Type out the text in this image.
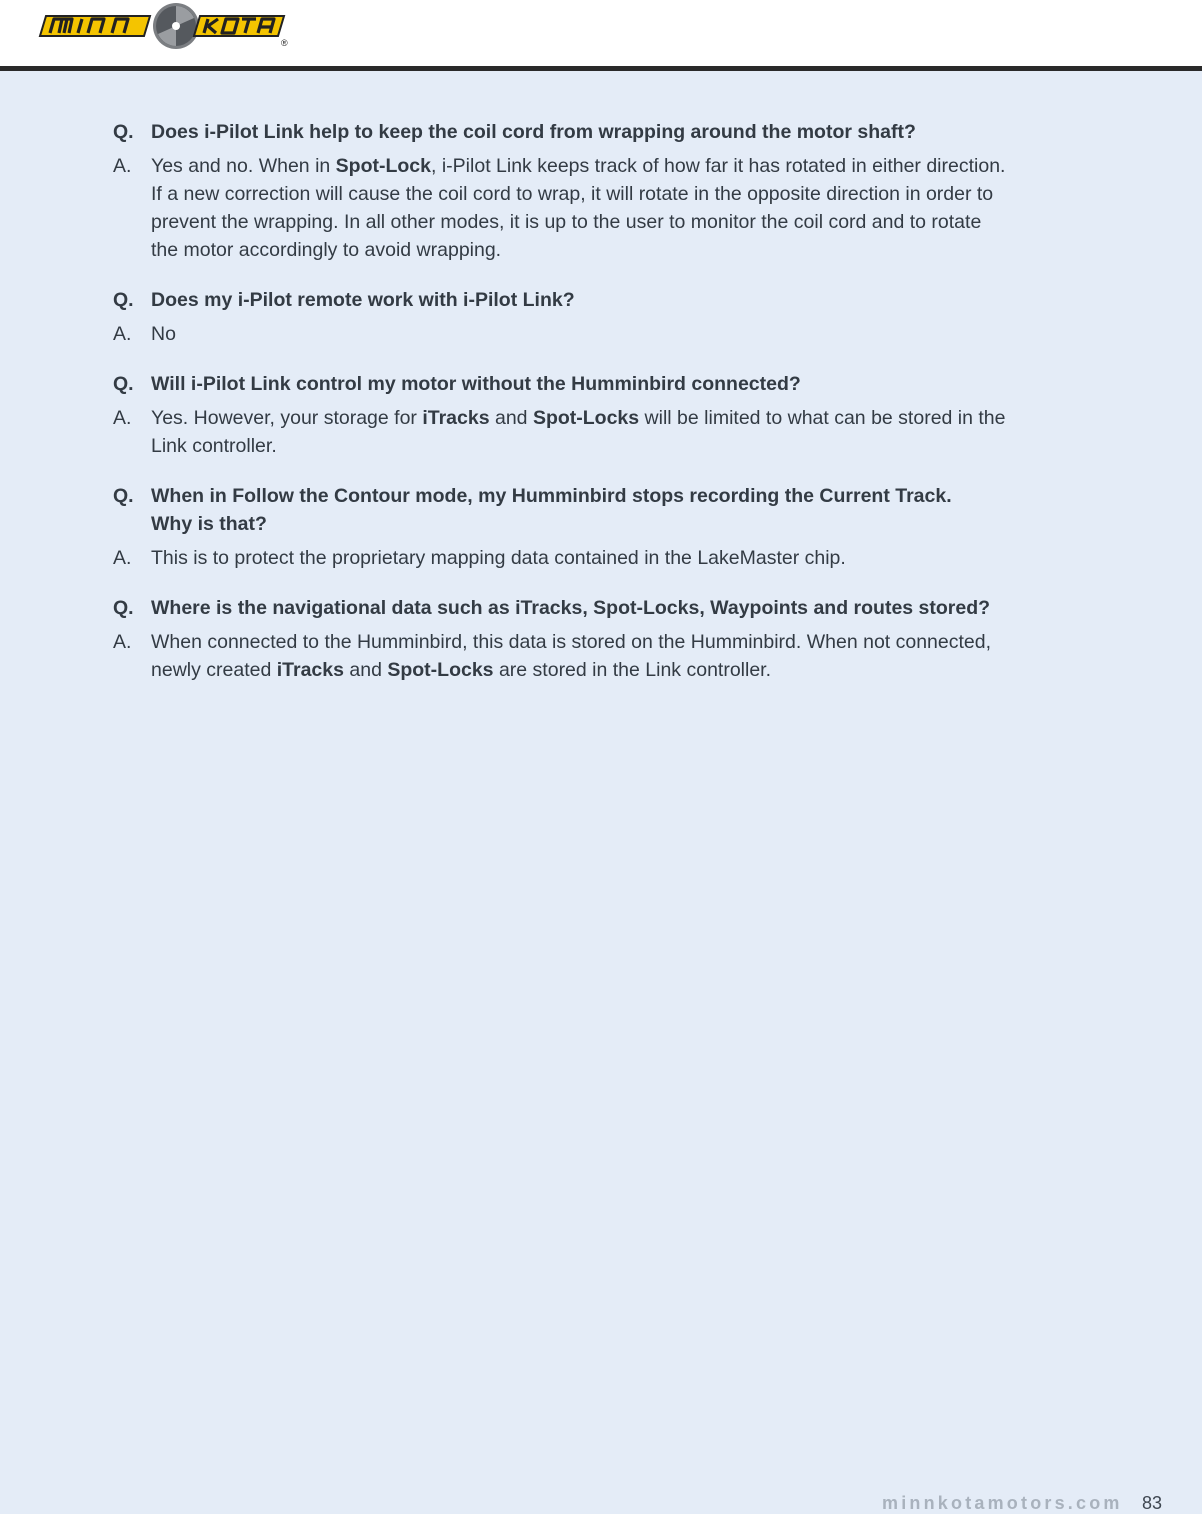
®
Q. Does i-Pilot Link help to keep the coil cord from wrapping around the motor shaft?
A.	Yes and no. When in Spot-Lock, i-Pilot Link keeps track of how far it has rotated in either direction.
If a new correction will cause the coil cord to wrap, it will rotate in the opposite direction in order to
prevent the wrapping. In all other modes, it is up to the user to monitor the coil cord and to rotate
the motor accordingly to avoid wrapping.
Q. Does my i-Pilot remote work with i-Pilot Link?
A.	No
Q. Will i-Pilot Link control my motor without the Humminbird connected?
A.	Yes. However, your storage for iTracks and Spot-Locks will be limited to what can be stored in the
Link controller.
Q. When in Follow the Contour mode, my Humminbird stops recording the Current Track.
Why is that?
A.	This is to protect the proprietary mapping data contained in the LakeMaster chip.
Q. Where is the navigational data such as iTracks, Spot-Locks, Waypoints and routes stored?
A.	When connected to the Humminbird, this data is stored on the Humminbird. When not connected,
newly created iTracks and Spot-Locks are stored in the Link controller.
minnkotamotors.com 83
